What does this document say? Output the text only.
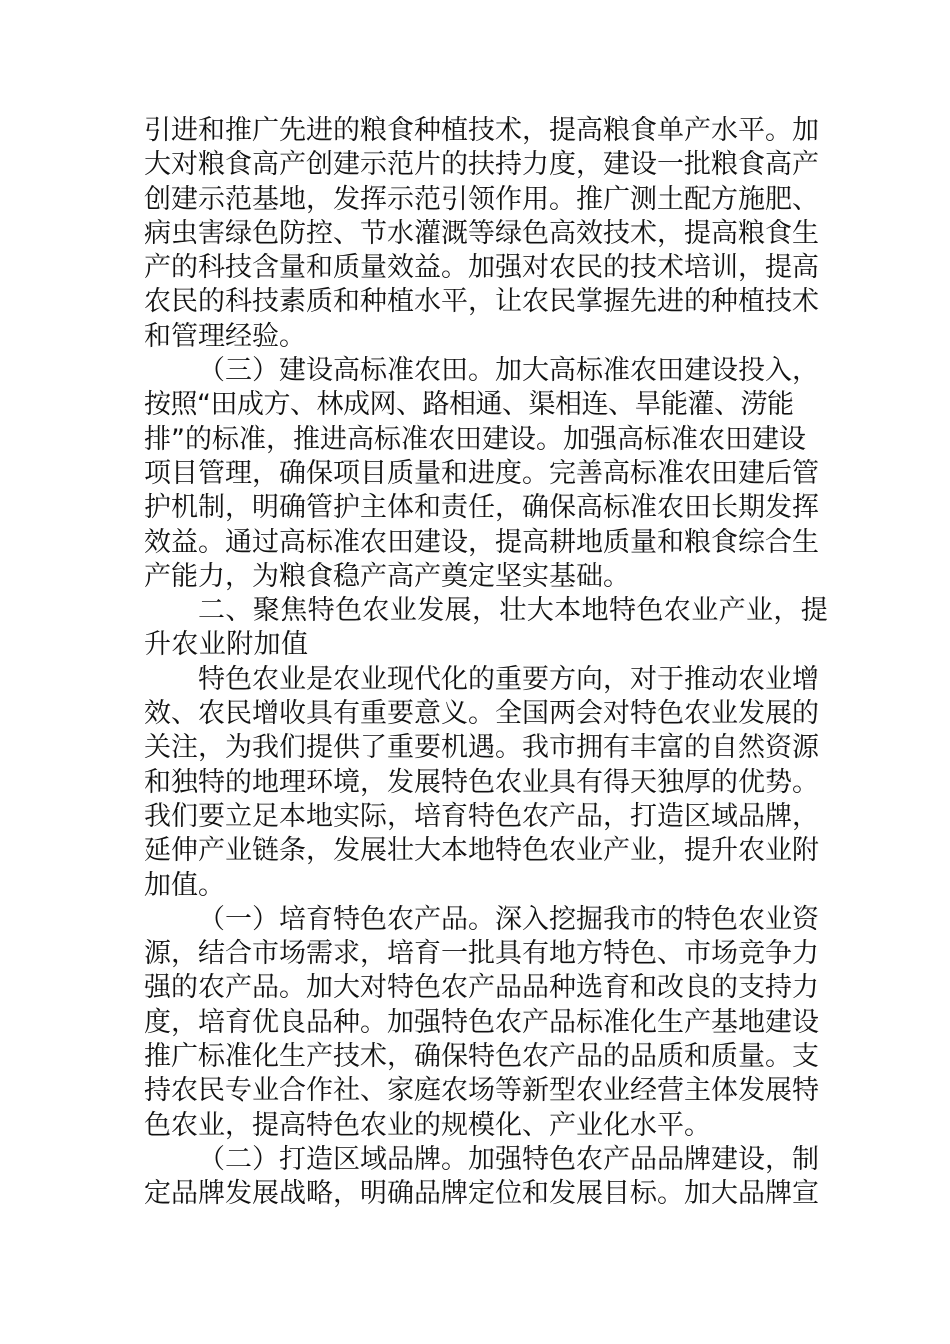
引进和推广先进的粮食种植技术，提高粮食单产水平。加
大对粮食高产创建示范片的扶持力度，建设一批粮食高产
创建示范基地，发挥示范引领作用。推广测土配方施肥、
病虫害绿色防控、节水灌溉等绿色高效技术，提高粮食生
产的科技含量和质量效益。加强对农民的技术培训，提高
农民的科技素质和种植水平，让农民掌握先进的种植技术
和管理经验。
（三）建设高标准农田。加大高标准农田建设投入，
按照“田成方、林成网、路相通、渠相连、旱能灌、涝能
排”的标准，推进高标准农田建设。加强高标准农田建设
项目管理，确保项目质量和进度。完善高标准农田建后管
护机制，明确管护主体和责任，确保高标准农田长期发挥
效益。通过高标准农田建设，提高耕地质量和粮食综合生
产能力，为粮食稳产高产奠定坚实基础。
二、聚焦特色农业发展，壮大本地特色农业产业，提
升农业附加值
特色农业是农业现代化的重要方向，对于推动农业增
效、农民增收具有重要意义。全国两会对特色农业发展的
关注，为我们提供了重要机遇。我市拥有丰富的自然资源
和独特的地理环境，发展特色农业具有得天独厚的优势。
我们要立足本地实际，培育特色农产品，打造区域品牌，
延伸产业链条，发展壮大本地特色农业产业，提升农业附
加值。
（一）培育特色农产品。深入挖掘我市的特色农业资
源，结合市场需求，培育一批具有地方特色、市场竞争力
强的农产品。加大对特色农产品品种选育和改良的支持力
度，培育优良品种。加强特色农产品标准化生产基地建设
推广标准化生产技术，确保特色农产品的品质和质量。支
持农民专业合作社、家庭农场等新型农业经营主体发展特
色农业，提高特色农业的规模化、产业化水平。
（二）打造区域品牌。加强特色农产品品牌建设，制
定品牌发展战略，明确品牌定位和发展目标。加大品牌宣
